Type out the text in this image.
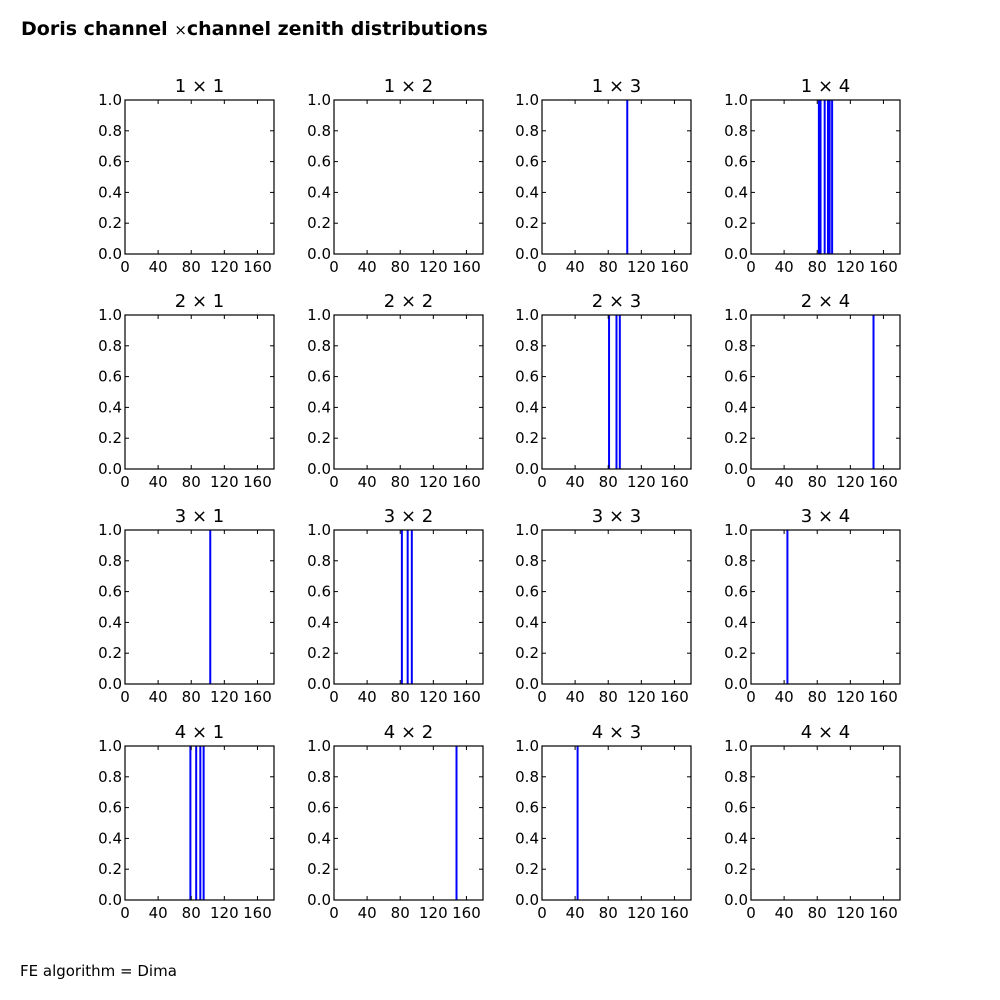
Doris channel ×channel zenith distributions
0.0
0.2
0.4
0.6
0.8
1.0
0 40 80 120 160
1 × 1
0.0
0.2
0.4
0.6
0.8
1.0
0 40 80 120 160
1 × 2
0.0
0.2
0.4
0.6
0.8
1.0
0 40 80 120 160
1 × 3
0.0
0.2
0.4
0.6
0.8
1.0
0 40 80 120 160
1 × 4
0.0
0.2
0.4
0.6
0.8
1.0
0 40 80 120 160
2 × 1
0.0
0.2
0.4
0.6
0.8
1.0
0 40 80 120 160
2 × 2
0.0
0.2
0.4
0.6
0.8
1.0
0 40 80 120 160
2 × 3
0.0
0.2
0.4
0.6
0.8
1.0
0 40 80 120 160
2 × 4
0.0
0.2
0.4
0.6
0.8
1.0
0 40 80 120 160
3 × 1
0.0
0.2
0.4
0.6
0.8
1.0
0 40 80 120 160
3 × 2
0.0
0.2
0.4
0.6
0.8
1.0
0 40 80 120 160
3 × 3
0.0
0.2
0.4
0.6
0.8
1.0
0 40 80 120 160
3 × 4
0.0
0.2
0.4
0.6
0.8
1.0
0 40 80 120 160
4 × 1
0.0
0.2
0.4
0.6
0.8
1.0
0 40 80 120 160
4 × 2
0.0
0.2
0.4
0.6
0.8
1.0
0 40 80 120 160
4 × 3
0.0
0.2
0.4
0.6
0.8
1.0
0 40 80 120 160
4 × 4
FE algorithm = Dima
